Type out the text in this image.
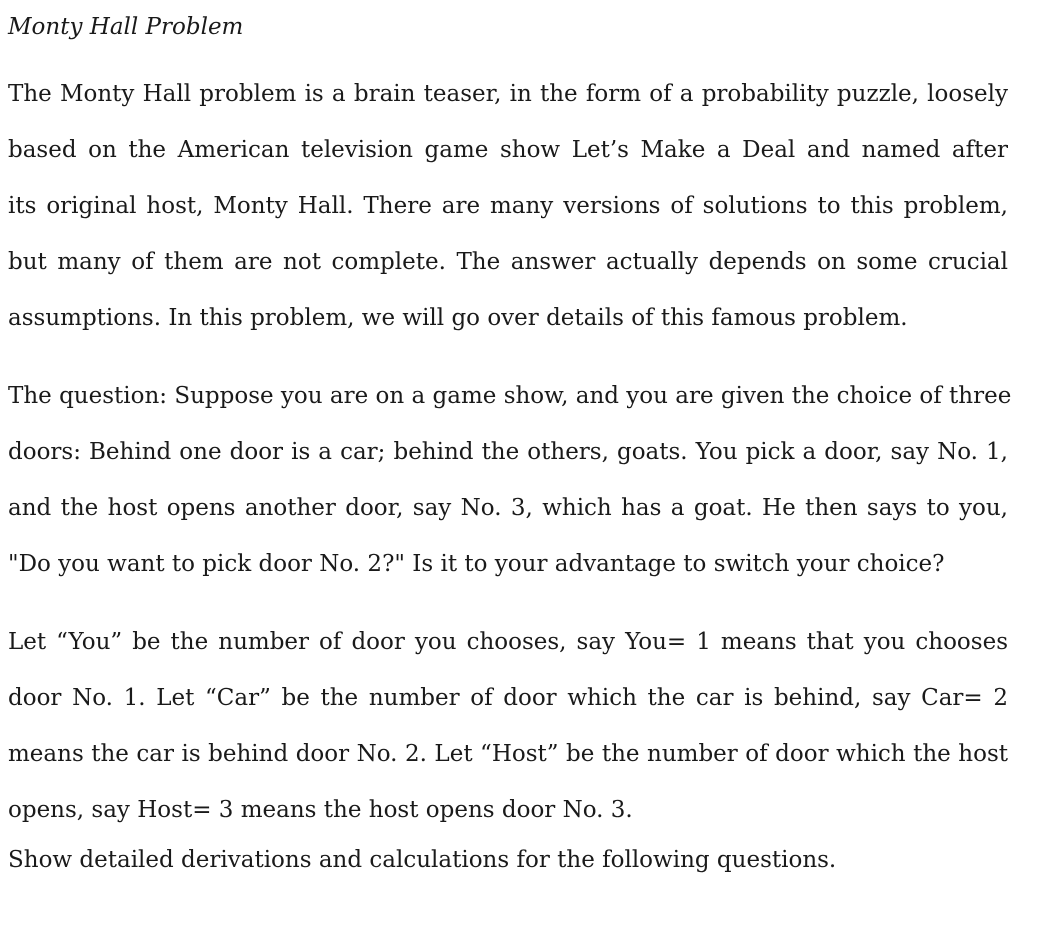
Monty Hall Problem
The Monty Hall problem is a brain teaser, in the form of a probability puzzle, loosely
based on the American television game show Let’s Make a Deal and named after
its original host, Monty Hall. There are many versions of solutions to this problem,
but many of them are not complete. The answer actually depends on some crucial
assumptions. In this problem, we will go over details of this famous problem.
The question: Suppose you are on a game show, and you are given the choice of three
doors: Behind one door is a car; behind the others, goats. You pick a door, say No. 1,
and the host opens another door, say No. 3, which has a goat. He then says to you,
"Do you want to pick door No. 2?" Is it to your advantage to switch your choice?
Let “You” be the number of door you chooses, say You= 1 means that you chooses
door No. 1. Let “Car” be the number of door which the car is behind, say Car= 2
means the car is behind door No. 2. Let “Host” be the number of door which the host
opens, say Host= 3 means the host opens door No. 3.
Show detailed derivations and calculations for the following questions.
